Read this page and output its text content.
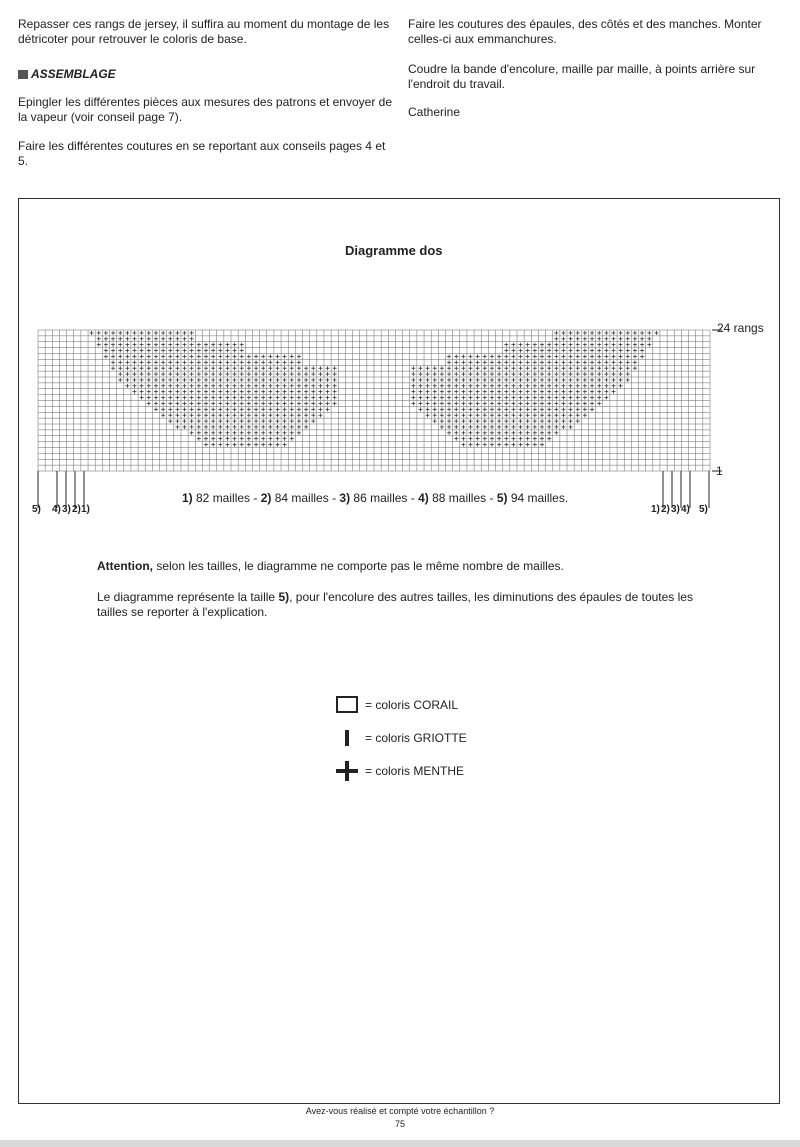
Repasser ces rangs de jersey, il suffira au moment du montage de les détricoter pour retrouver le coloris de base.

ASSEMBLAGE

Epingler les différentes pièces aux mesures des patrons et envoyer de la vapeur (voir conseil page 7).

Faire les différentes coutures en se reportant aux conseils pages 4 et 5.

Faire les coutures des épaules, des côtés et des manches. Monter celles-ci aux emmanchures.

Coudre la bande d'encolure, maille par maille, à points arrière sur l'endroit du travail.

Catherine

Diagramme dos
24 rangs
1
5) 4) 3) 2) 1)	1) 2) 3) 4) 5)
1) 82 mailles - 2) 84 mailles - 3) 86 mailles - 4) 88 mailles - 5) 94 mailles.

Attention, selon les tailles, le diagramme ne comporte pas le même nombre de mailles.

Le diagramme représente la taille 5), pour l'encolure des autres tailles, les diminutions des épaules de toutes les tailles se reporter à l'explication.

= coloris CORAIL
= coloris GRIOTTE
= coloris MENTHE
Avez-vous réalisé et compté votre échantillon ?
75
